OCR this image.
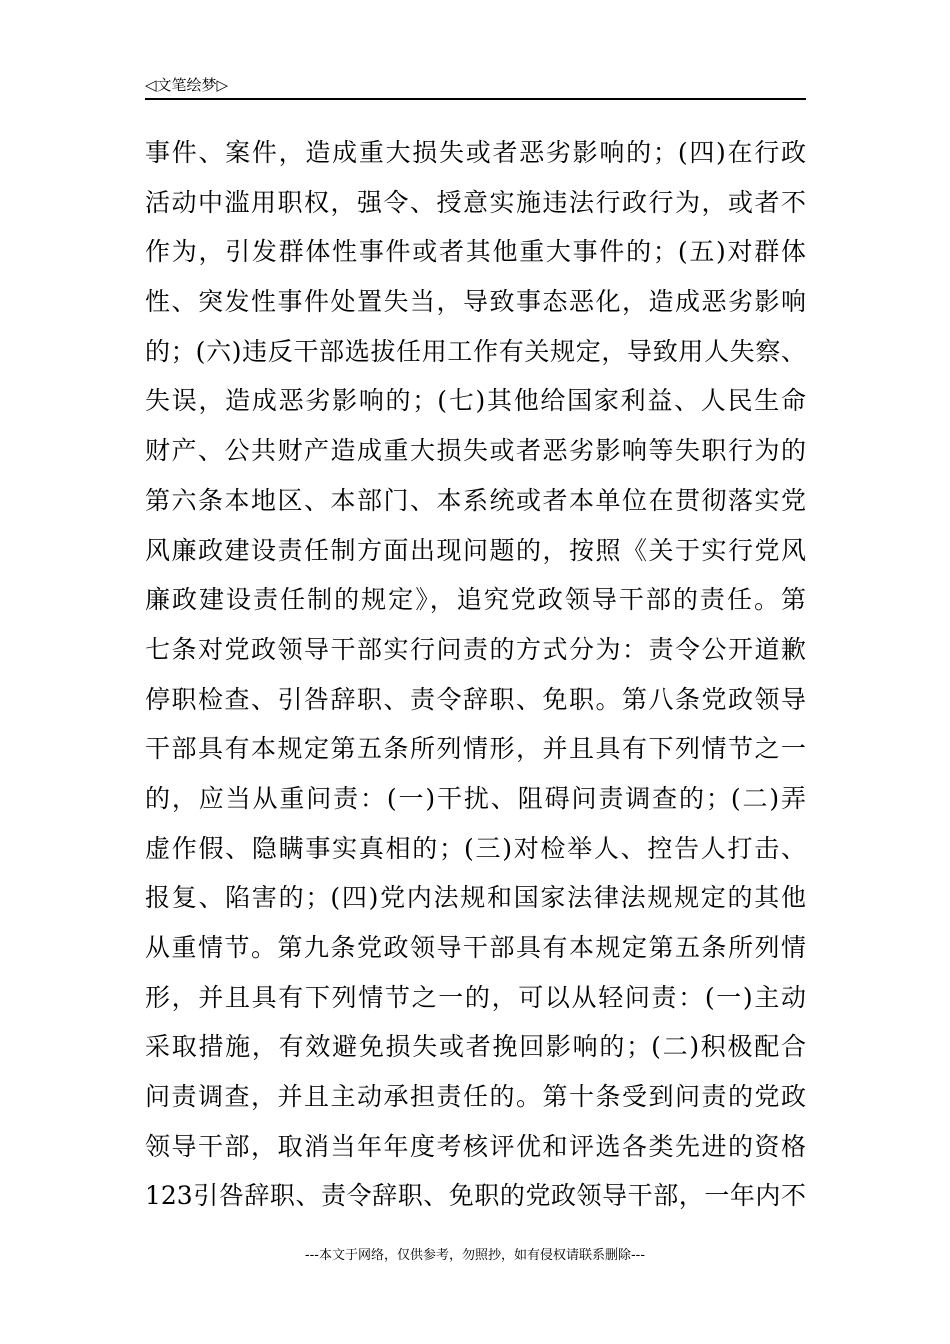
◁文笔绘梦▷
事件、案件，造成重大损失或者恶劣影响的；(四)在行政
活动中滥用职权，强令、授意实施违法行政行为，或者不
作为，引发群体性事件或者其他重大事件的；(五)对群体
性、突发性事件处置失当，导致事态恶化，造成恶劣影响
的；(六)违反干部选拔任用工作有关规定，导致用人失察、
失误，造成恶劣影响的；(七)其他给国家利益、人民生命
财产、公共财产造成重大损失或者恶劣影响等失职行为的
第六条本地区、本部门、本系统或者本单位在贯彻落实党
风廉政建设责任制方面出现问题的，按照《关于实行党风
廉政建设责任制的规定》，追究党政领导干部的责任。第
七条对党政领导干部实行问责的方式分为：责令公开道歉
停职检查、引咎辞职、责令辞职、免职。第八条党政领导
干部具有本规定第五条所列情形，并且具有下列情节之一
的，应当从重问责：(一)干扰、阻碍问责调查的；(二)弄
虚作假、隐瞒事实真相的；(三)对检举人、控告人打击、
报复、陷害的；(四)党内法规和国家法律法规规定的其他
从重情节。第九条党政领导干部具有本规定第五条所列情
形，并且具有下列情节之一的，可以从轻问责：(一)主动
采取措施，有效避免损失或者挽回影响的；(二)积极配合
问责调查，并且主动承担责任的。第十条受到问责的党政
领导干部，取消当年年度考核评优和评选各类先进的资格
123引咎辞职、责令辞职、免职的党政领导干部，一年内不
---本文于网络，仅供参考，勿照抄，如有侵权请联系删除---
